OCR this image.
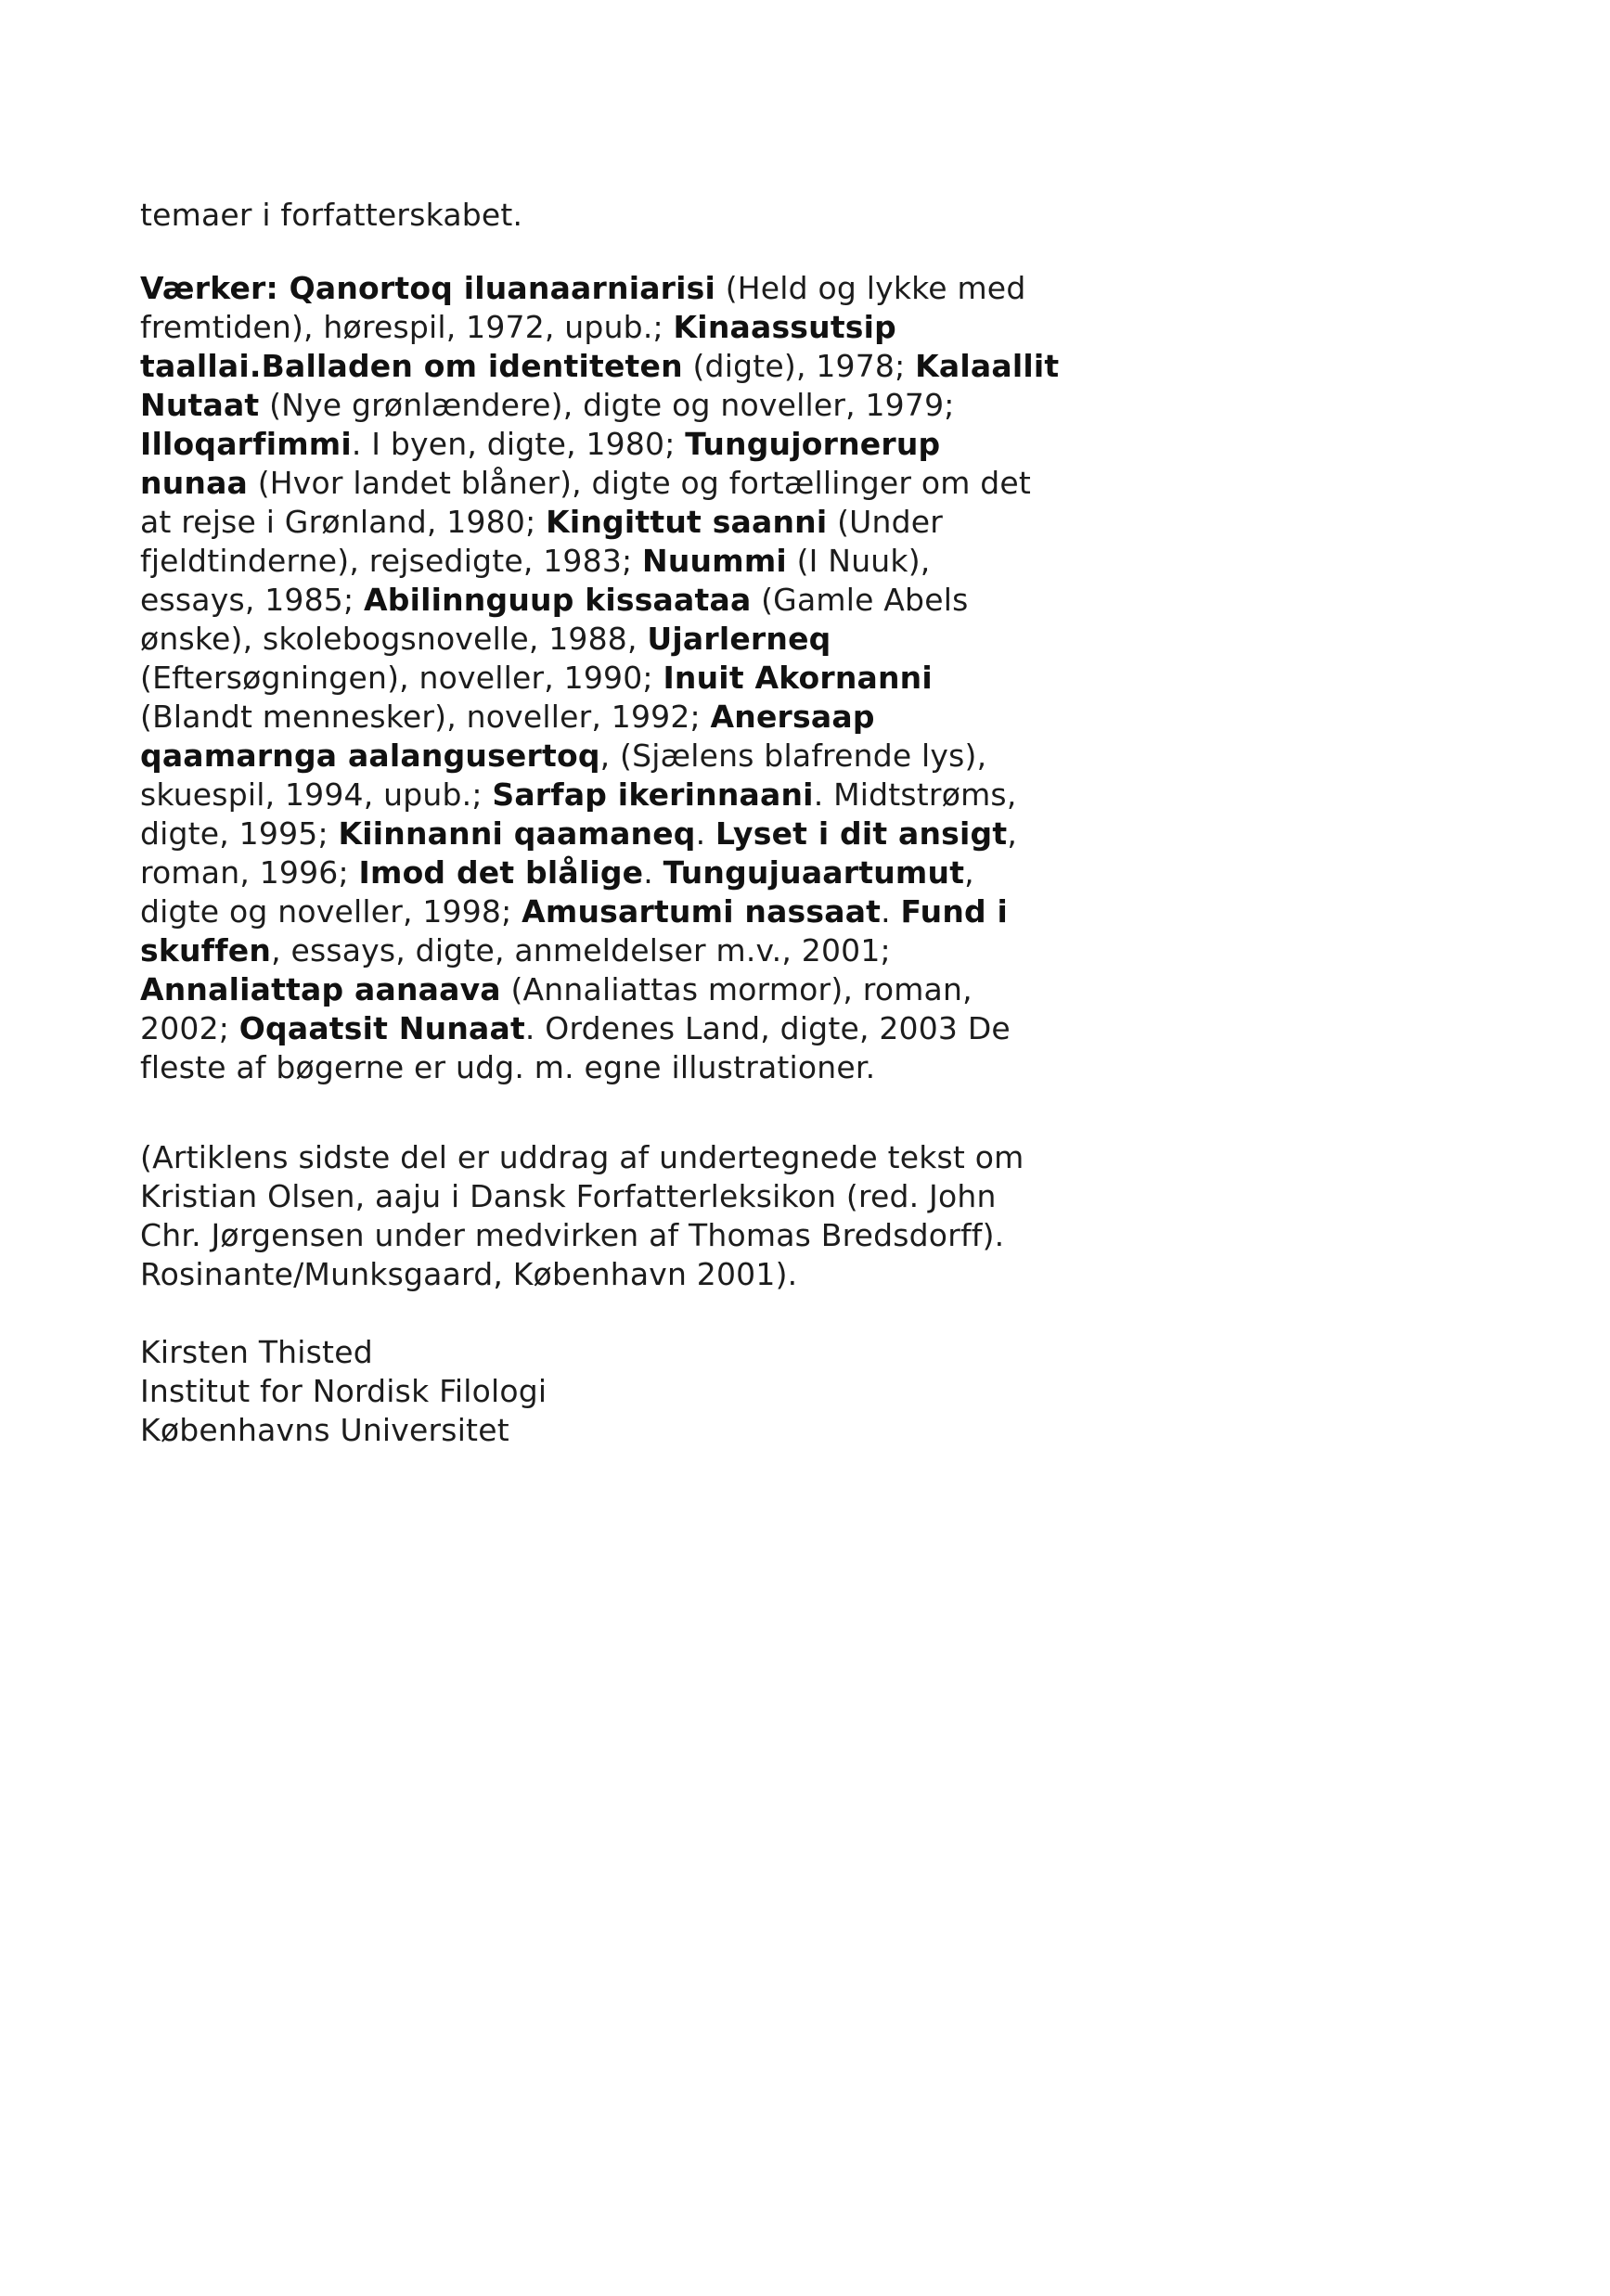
temaer i forfatterskabet.
Værker: Qanortoq iluanaarniarisi (Held og lykke med
fremtiden), hørespil, 1972, upub.; Kinaassutsip
taallai.Balladen om identiteten (digte), 1978; Kalaallit
Nutaat (Nye grønlændere), digte og noveller, 1979;
Illoqarfimmi. I byen, digte, 1980; Tungujornerup
nunaa (Hvor landet blåner), digte og fortællinger om det
at rejse i Grønland, 1980; Kingittut saanni (Under
fjeldtinderne), rejsedigte, 1983; Nuummi (I Nuuk),
essays, 1985; Abilinnguup kissaataa (Gamle Abels
ønske), skolebogsnovelle, 1988, Ujarlerneq
(Eftersøgningen), noveller, 1990; Inuit Akornanni
(Blandt mennesker), noveller, 1992; Anersaap
qaamarnga aalangusertoq, (Sjælens blafrende lys),
skuespil, 1994, upub.; Sarfap ikerinnaani. Midtstrøms,
digte, 1995; Kiinnanni qaamaneq. Lyset i dit ansigt,
roman, 1996; Imod det blålige. Tungujuaartumut,
digte og noveller, 1998; Amusartumi nassaat. Fund i
skuffen, essays, digte, anmeldelser m.v., 2001;
Annaliattap aanaava (Annaliattas mormor), roman,
2002; Oqaatsit Nunaat. Ordenes Land, digte, 2003 De
fleste af bøgerne er udg. m. egne illustrationer.
(Artiklens sidste del er uddrag af undertegnede tekst om
Kristian Olsen, aaju i Dansk Forfatterleksikon (red. John
Chr. Jørgensen under medvirken af Thomas Bredsdorff).
Rosinante/Munksgaard, København 2001).
Kirsten Thisted
Institut for Nordisk Filologi
Københavns Universitet
